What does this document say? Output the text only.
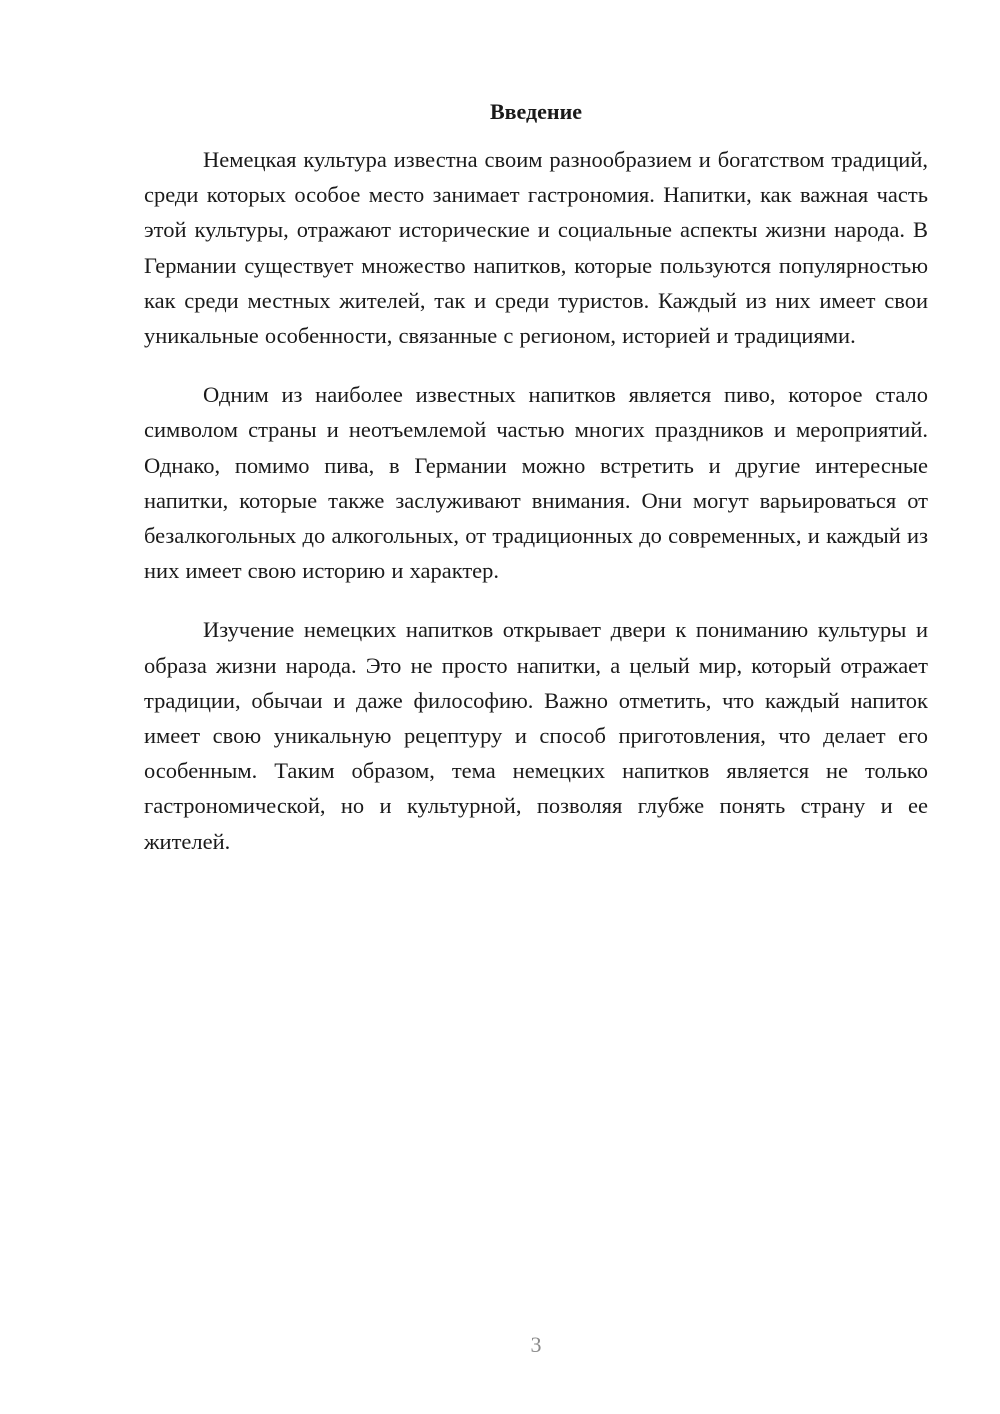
Введение

Немецкая культура известна своим разнообразием и богатством традиций, среди которых особое место занимает гастрономия. Напитки, как важная часть этой культуры, отражают исторические и социальные аспекты жизни народа. В Германии существует множество напитков, которые пользуются популярностью как среди местных жителей, так и среди туристов. Каждый из них имеет свои уникальные особенности, связанные с регионом, историей и традициями.

Одним из наиболее известных напитков является пиво, которое стало символом страны и неотъемлемой частью многих праздников и мероприятий. Однако, помимо пива, в Германии можно встретить и другие интересные напитки, которые также заслуживают внимания. Они могут варьироваться от безалкогольных до алкогольных, от традиционных до современных, и каждый из них имеет свою историю и характер.

Изучение немецких напитков открывает двери к пониманию культуры и образа жизни народа. Это не просто напитки, а целый мир, который отражает традиции, обычаи и даже философию. Важно отметить, что каждый напиток имеет свою уникальную рецептуру и способ приготовления, что делает его особенным. Таким образом, тема немецких напитков является не только гастрономической, но и культурной, позволяя глубже понять страну и ее жителей.

3
